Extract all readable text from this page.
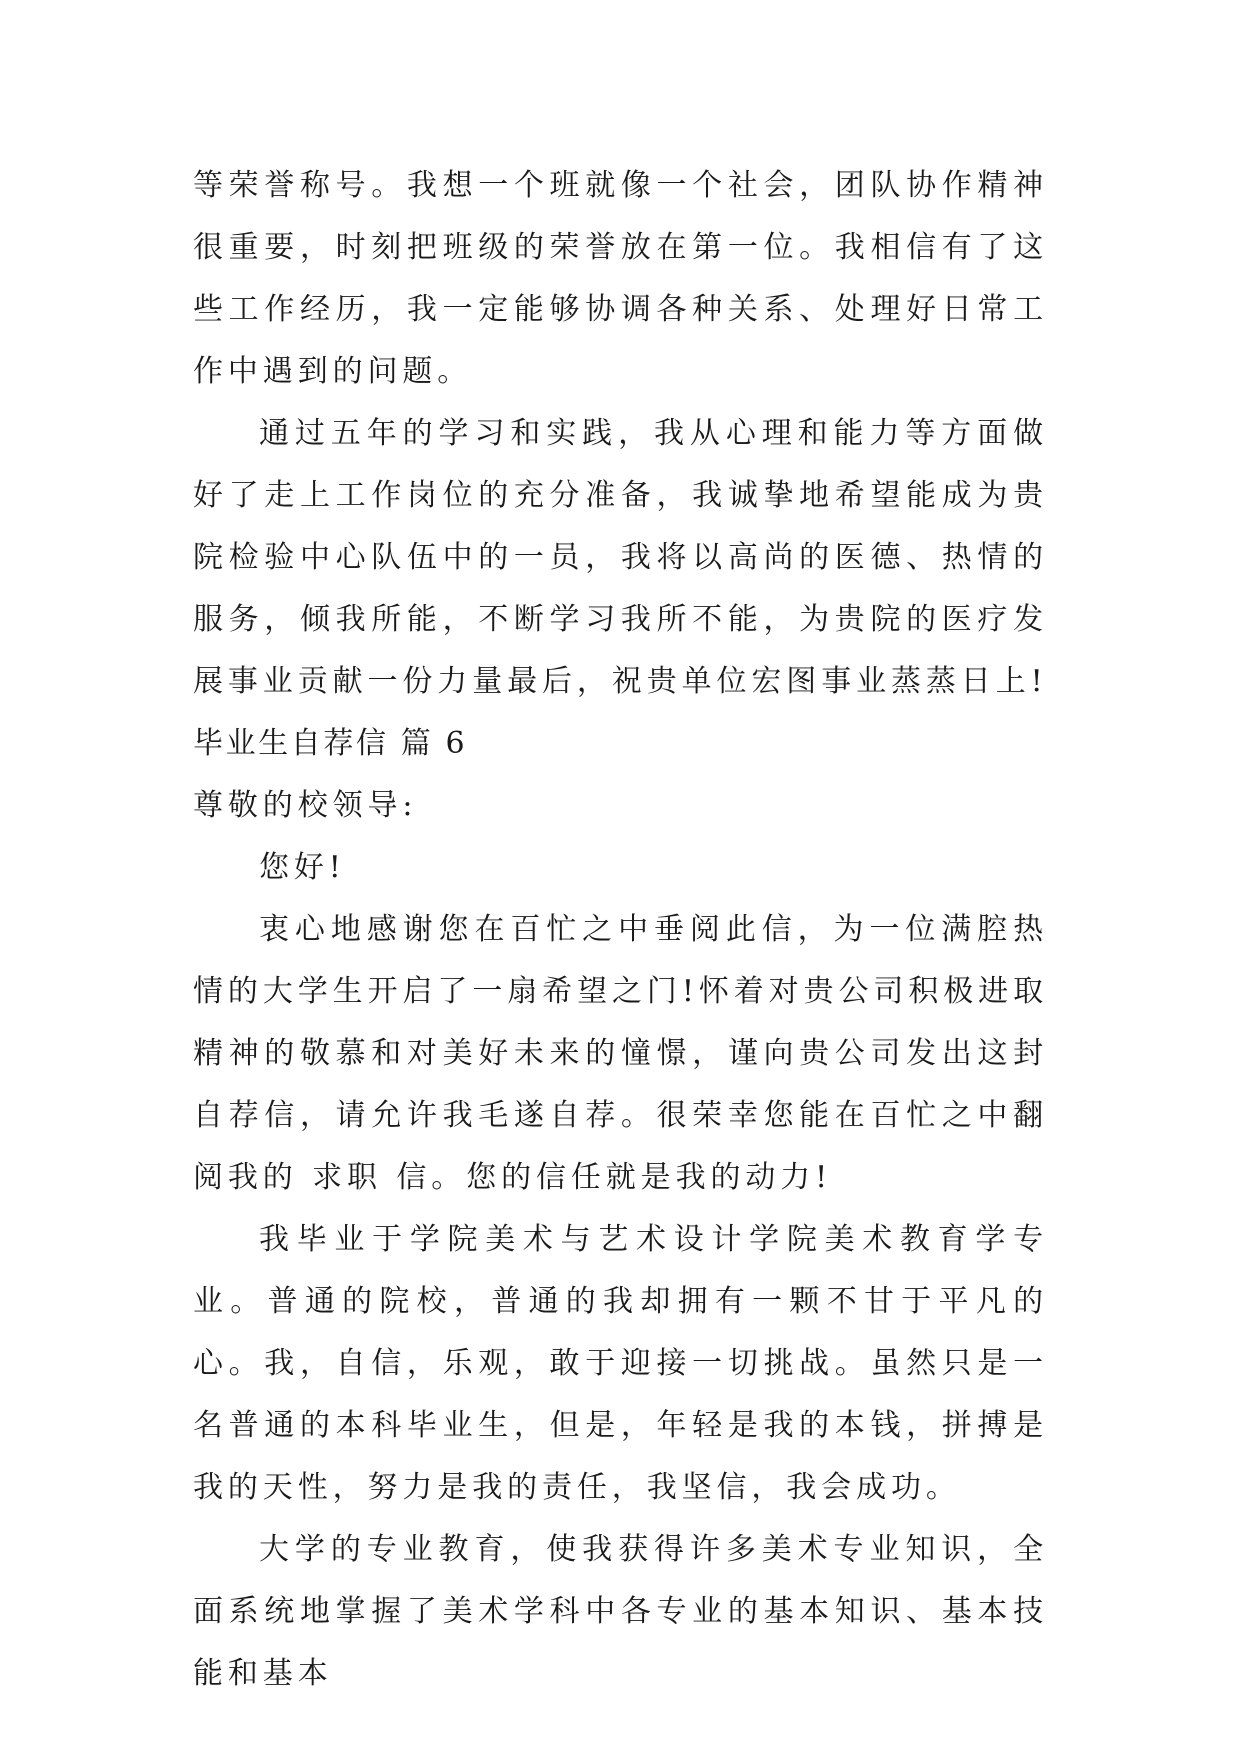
等荣誉称号。我想一个班就像一个社会，团队协作精神很重要，时刻把班级的荣誉放在第一位。我相信有了这些工作经历，我一定能够协调各种关系、处理好日常工作中遇到的问题。

通过五年的学习和实践，我从心理和能力等方面做好了走上工作岗位的充分准备，我诚挚地希望能成为贵院检验中心队伍中的一员，我将以高尚的医德、热情的服务，倾我所能，不断学习我所不能，为贵院的医疗发展事业贡献一份力量最后，祝贵单位宏图事业蒸蒸日上!

毕业生自荐信 篇 6

尊敬的校领导:

您好!

衷心地感谢您在百忙之中垂阅此信，为一位满腔热情的大学生开启了一扇希望之门!怀着对贵公司积极进取精神的敬慕和对美好未来的憧憬，谨向贵公司发出这封自荐信，请允许我毛遂自荐。很荣幸您能在百忙之中翻阅我的 求职 信。您的信任就是我的动力!

我毕业于学院美术与艺术设计学院美术教育学专业。普通的院校，普通的我却拥有一颗不甘于平凡的心。我，自信，乐观，敢于迎接一切挑战。虽然只是一名普通的本科毕业生，但是，年轻是我的本钱，拼搏是我的天性，努力是我的责任，我坚信，我会成功。

大学的专业教育，使我获得许多美术专业知识，全面系统地掌握了美术学科中各专业的基本知识、基本技能和基本
